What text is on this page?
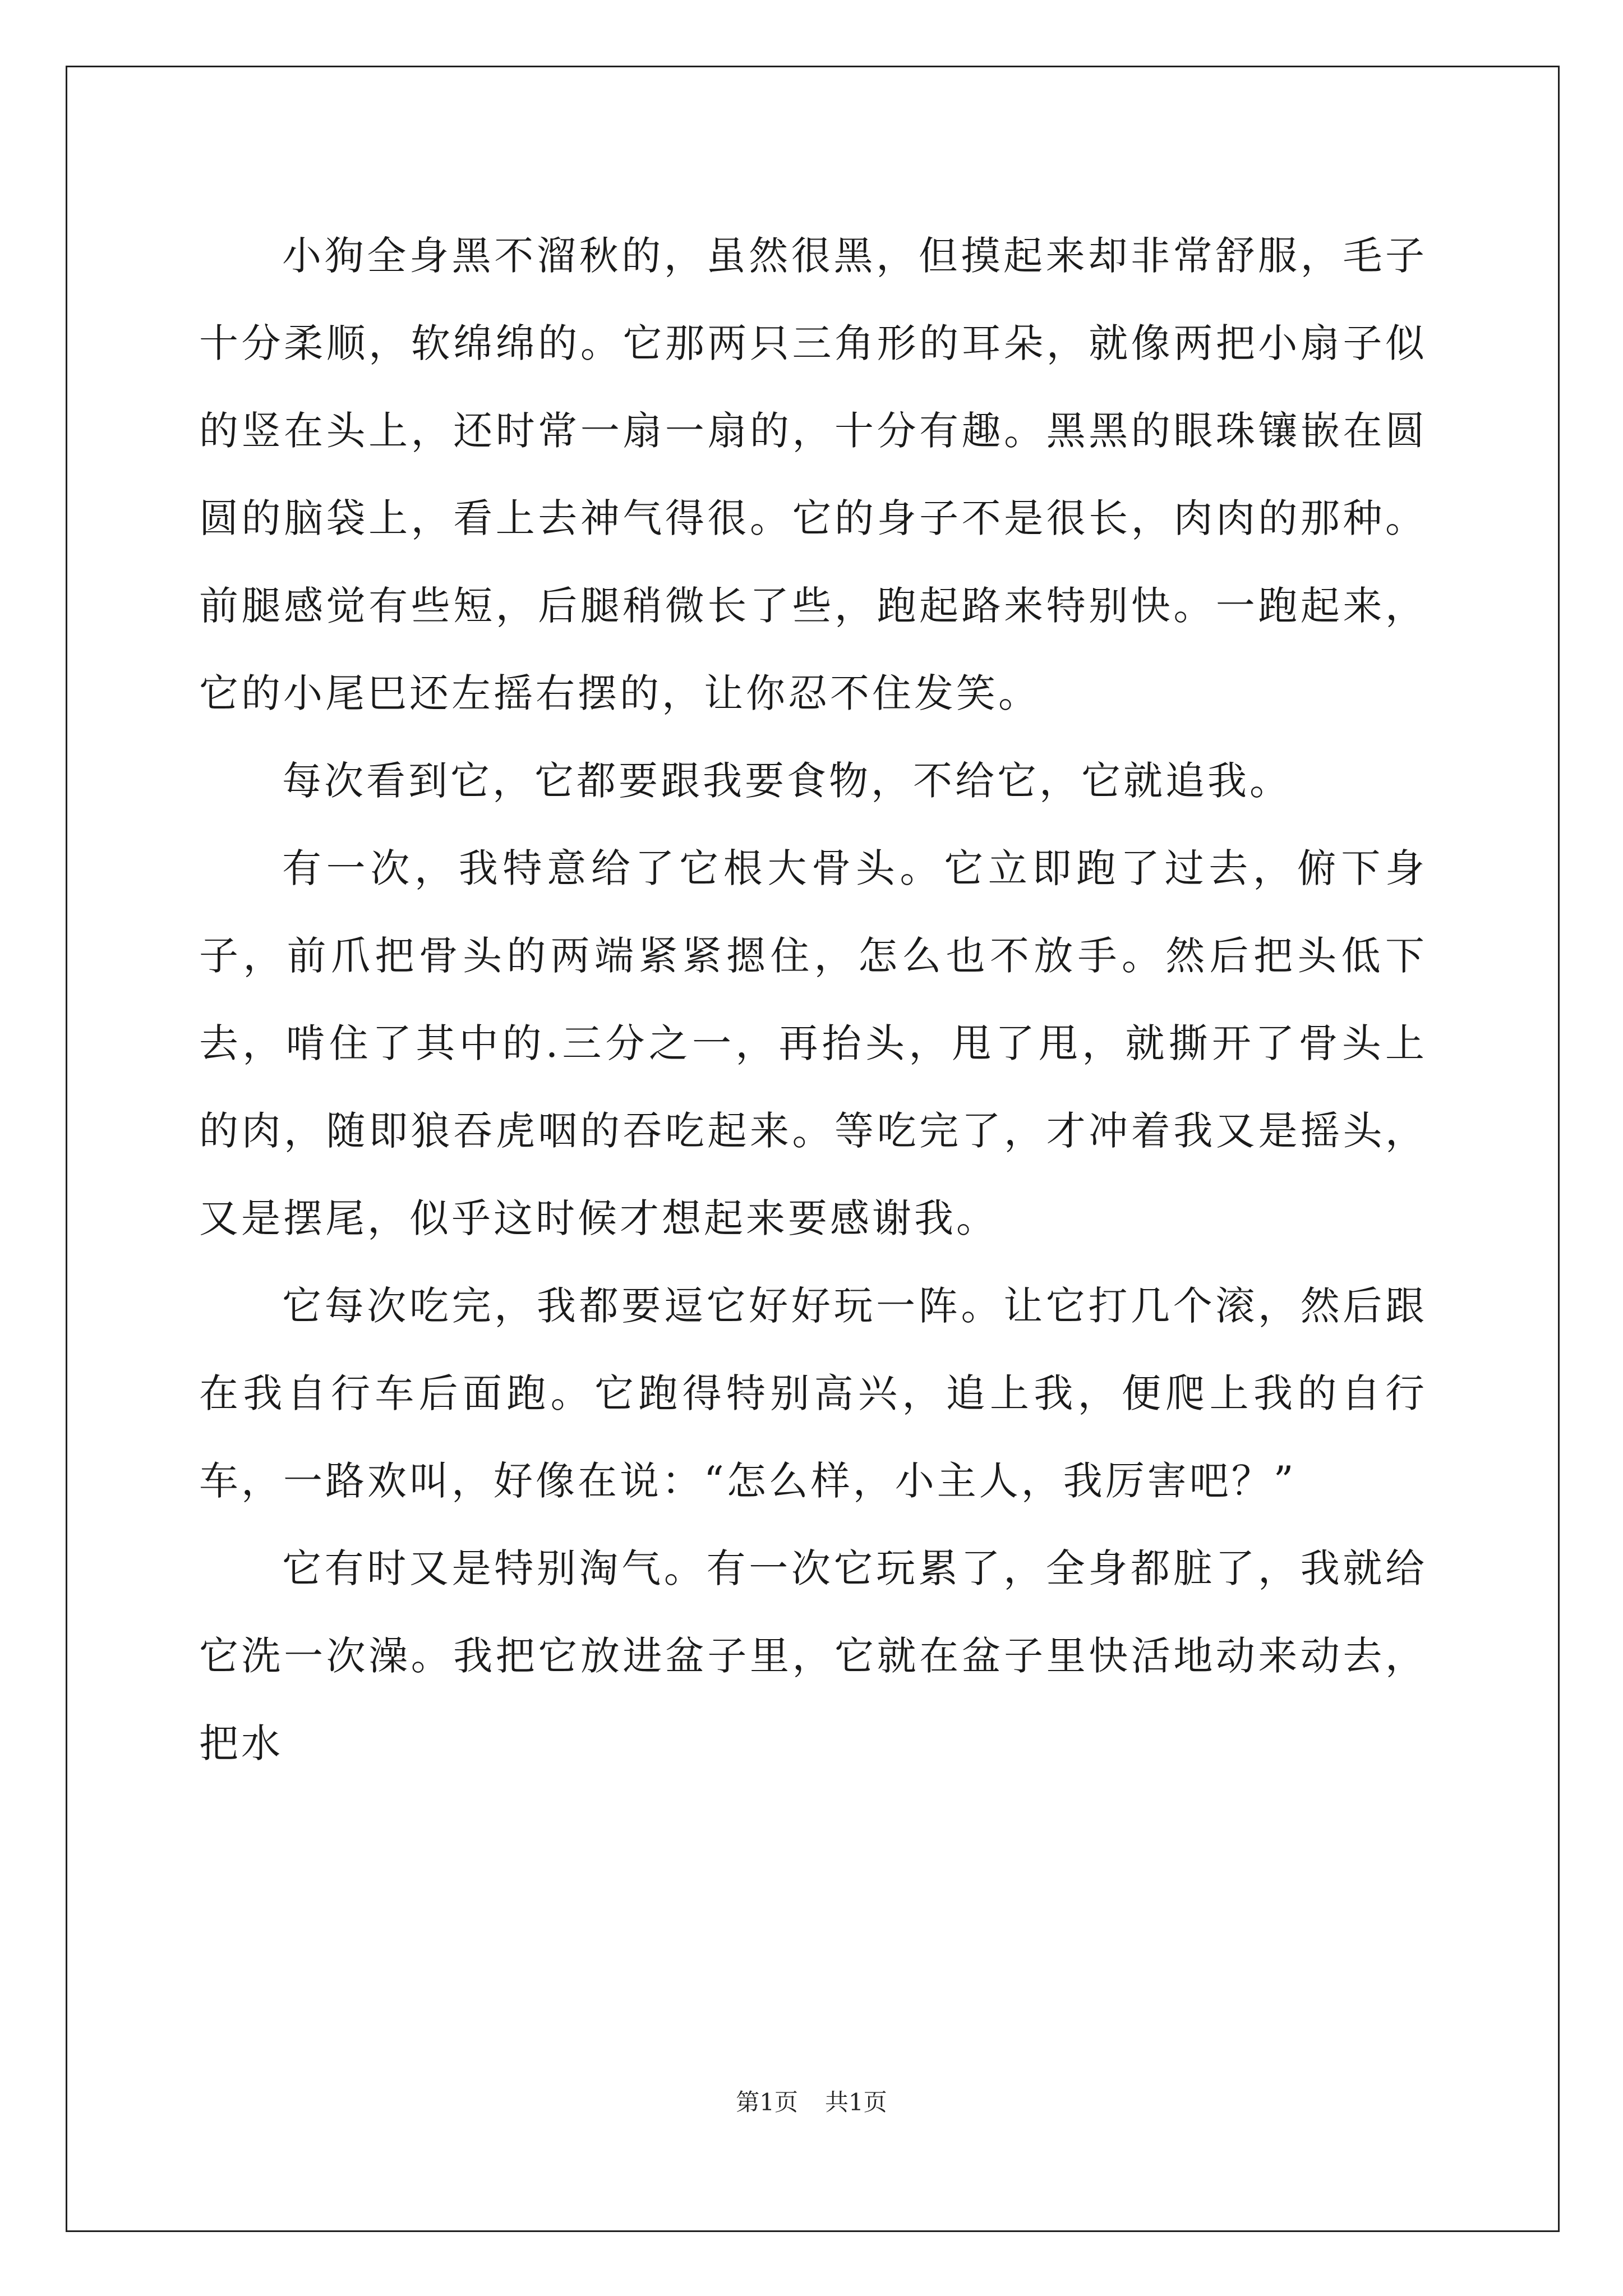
小狗全身黑不溜秋的，虽然很黑，但摸起来却非常舒服，毛子十分柔顺，软绵绵的。它那两只三角形的耳朵，就像两把小扇子似的竖在头上，还时常一扇一扇的，十分有趣。黑黑的眼珠镶嵌在圆圆的脑袋上，看上去神气得很。它的身子不是很长，肉肉的那种。前腿感觉有些短，后腿稍微长了些，跑起路来特别快。一跑起来，它的小尾巴还左摇右摆的，让你忍不住发笑。

每次看到它，它都要跟我要食物，不给它，它就追我。

有一次，我特意给了它根大骨头。它立即跑了过去，俯下身子，前爪把骨头的两端紧紧摁住，怎么也不放手。然后把头低下去，啃住了其中的.三分之一，再抬头，甩了甩，就撕开了骨头上的肉，随即狼吞虎咽的吞吃起来。等吃完了，才冲着我又是摇头，又是摆尾，似乎这时候才想起来要感谢我。

它每次吃完，我都要逗它好好玩一阵。让它打几个滚，然后跟在我自行车后面跑。它跑得特别高兴，追上我，便爬上我的自行车，一路欢叫，好像在说：“怎么样，小主人，我厉害吧？”

它有时又是特别淘气。有一次它玩累了，全身都脏了，我就给它洗一次澡。我把它放进盆子里，它就在盆子里快活地动来动去，把水

第1页 共1页
